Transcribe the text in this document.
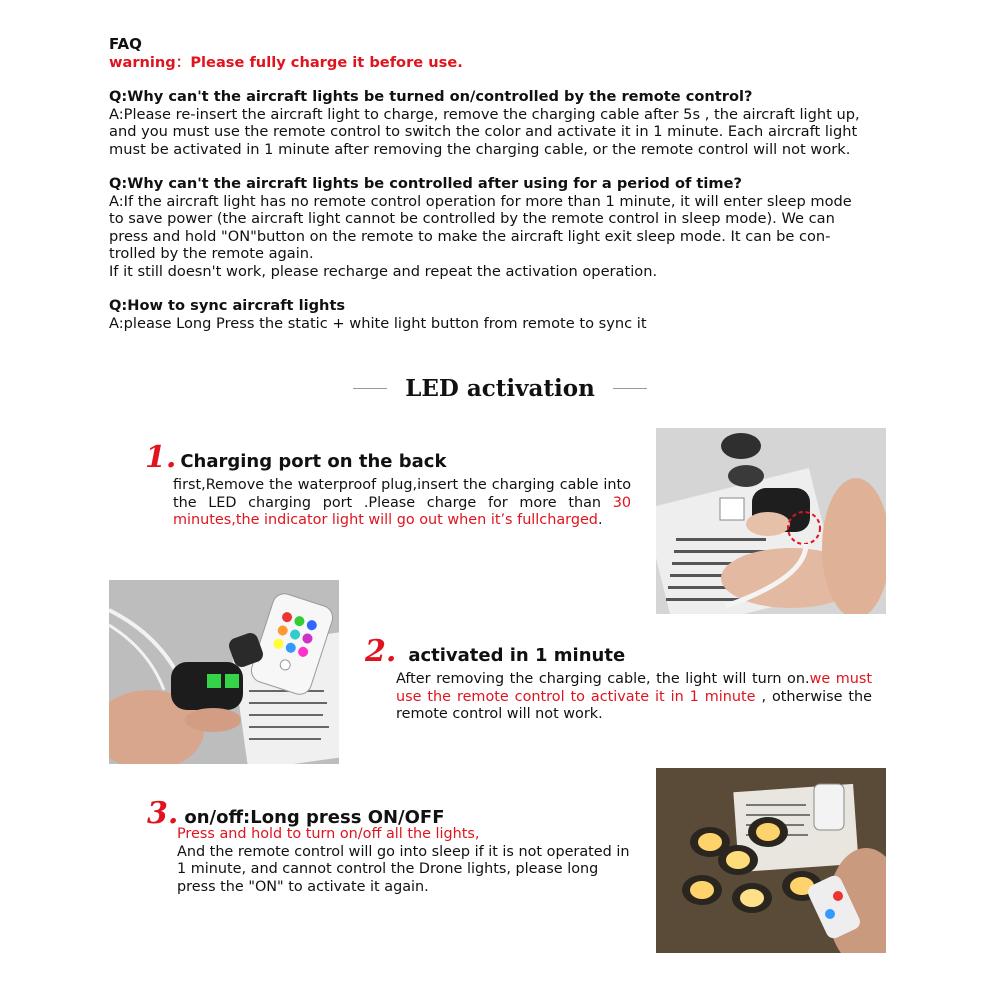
FAQ
warning：Please fully charge it before use.
Q:Why can't the aircraft lights be turned on/controlled by the remote control?
A:Please re-insert the aircraft light to charge, remove the charging cable after 5s , the aircraft light up,
and you must use the remote control to switch the color and activate it in 1 minute. Each aircraft light
must be activated in 1 minute after removing the charging cable, or the remote control will not work.
Q:Why can't the aircraft lights be controlled after using for a period of time?
A:If the aircraft light has no remote control operation for more than 1 minute, it will enter sleep mode
to save power (the aircraft light cannot be controlled by the remote control in sleep mode). We can
press and hold "ON"button on the remote to make the aircraft light exit sleep mode. It can be con-
trolled by the remote again.
If it still doesn't work, please recharge and repeat the activation operation.
Q:How to sync aircraft lights
A:please Long Press the static + white light button from remote to sync it
LED activation
1. Charging port on the back
first,Remove the waterproof plug,insert the charging cable into the LED charging port .Please charge for more than 30 minutes,the indicator light will go out when it’s fullcharged.
2. activated in 1 minute
After removing the charging cable, the light will turn on.we must use the remote control to activate it in 1 minute , otherwise the remote control will not work.
3. on/off:Long press ON/OFF
Press and hold to turn on/off all the lights,
And the remote control will go into sleep if it is not operated in 1 minute, and cannot control the Drone lights, please long press the "ON" to activate it again.
